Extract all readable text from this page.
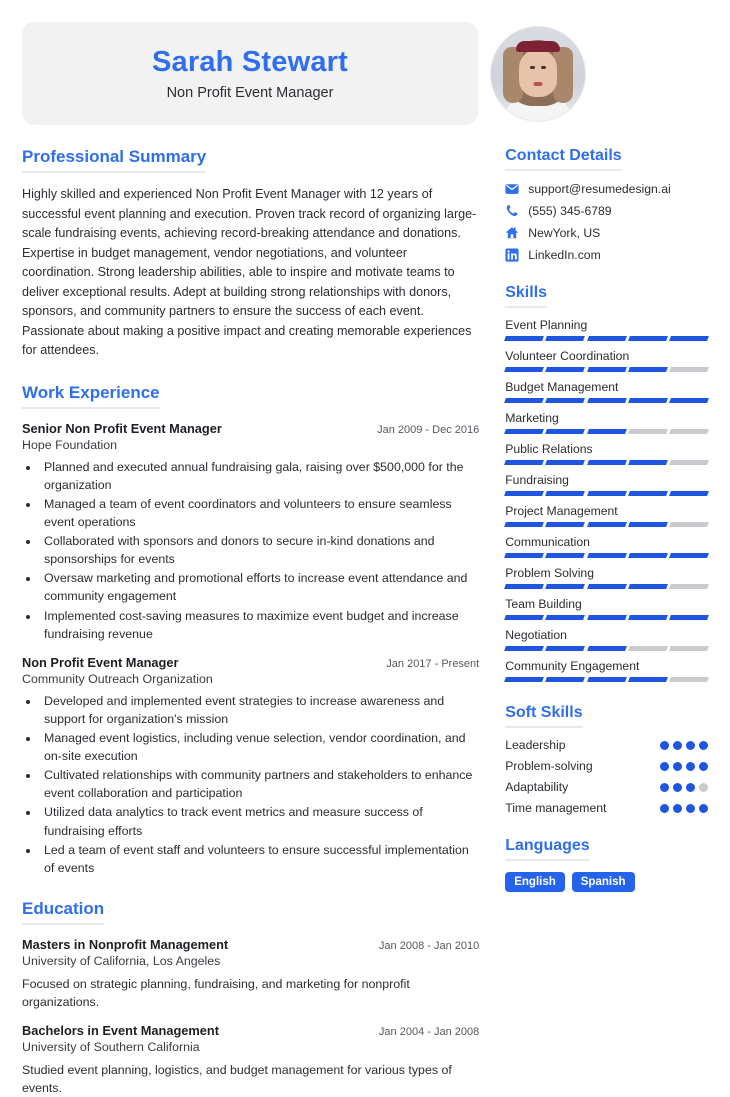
Sarah Stewart
Non Profit Event Manager
Professional Summary

Highly skilled and experienced Non Profit Event Manager with 12 years of successful event planning and execution. Proven track record of organizing large-scale fundraising events, achieving record-breaking attendance and donations. Expertise in budget management, vendor negotiations, and volunteer coordination. Strong leadership abilities, able to inspire and motivate teams to deliver exceptional results. Adept at building strong relationships with donors, sponsors, and community partners to ensure the success of each event. Passionate about making a positive impact and creating memorable experiences for attendees.

Work Experience
Senior Non Profit Event Manager	Jan 2009 - Dec 2016
Hope Foundation
• Planned and executed annual fundraising gala, raising over $500,000 for the organization
• Managed a team of event coordinators and volunteers to ensure seamless event operations
• Collaborated with sponsors and donors to secure in-kind donations and sponsorships for events
• Oversaw marketing and promotional efforts to increase event attendance and community engagement
• Implemented cost-saving measures to maximize event budget and increase fundraising revenue
Non Profit Event Manager	Jan 2017 - Present
Community Outreach Organization
• Developed and implemented event strategies to increase awareness and support for organization's mission
• Managed event logistics, including venue selection, vendor coordination, and on-site execution
• Cultivated relationships with community partners and stakeholders to enhance event collaboration and participation
• Utilized data analytics to track event metrics and measure success of fundraising efforts
• Led a team of event staff and volunteers to ensure successful implementation of events
Education
Masters in Nonprofit Management	Jan 2008 - Jan 2010
University of California, Los Angeles
Focused on strategic planning, fundraising, and marketing for nonprofit organizations.
Bachelors in Event Management	Jan 2004 - Jan 2008
University of Southern California
Studied event planning, logistics, and budget management for various types of events.
Contact Details
support@resumedesign.ai
(555) 345-6789
NewYork, US
LinkedIn.com
Skills
Event Planning
Volunteer Coordination
Budget Management
Marketing
Public Relations
Fundraising
Project Management
Communication
Problem Solving
Team Building
Negotiation
Community Engagement
Soft Skills
Leadership
Problem-solving
Adaptability
Time management
Languages
English	Spanish
